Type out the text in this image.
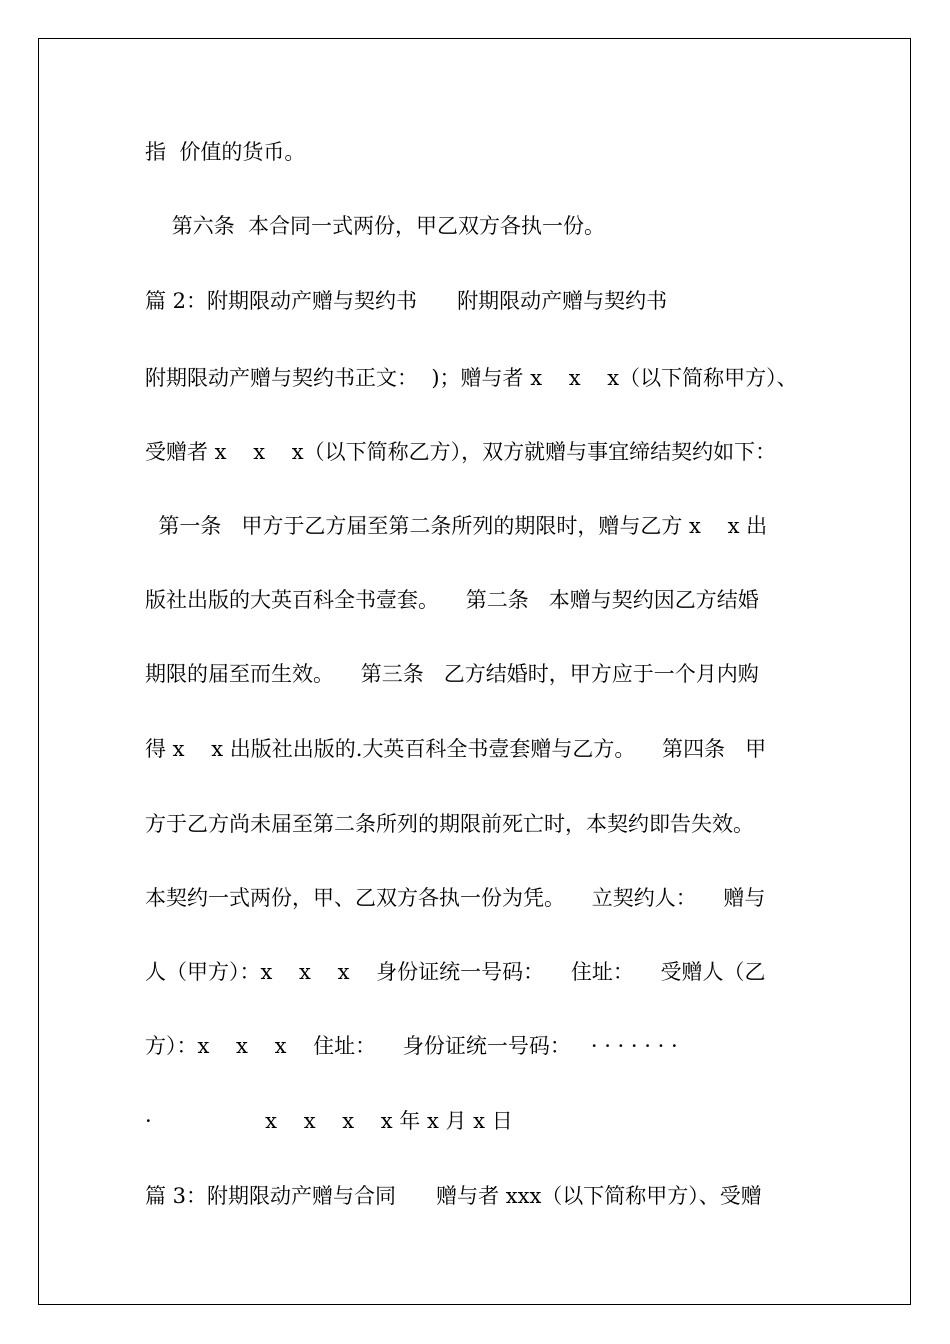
指  价值的货币。
第六条  本合同一式两份，甲乙双方各执一份。
篇 2：附期限动产赠与契约书      附期限动产赠与契约书
附期限动产赠与契约书正文：  )；赠与者 x    x    x（以下简称甲方）、
受赠者 x    x    x（以下简称乙方），双方就赠与事宜缔结契约如下：
第一条   甲方于乙方届至第二条所列的期限时，赠与乙方 x    x 出
版社出版的大英百科全书壹套。    第二条   本赠与契约因乙方结婚
期限的届至而生效。    第三条   乙方结婚时，甲方应于一个月内购
得 x    x 出版社出版的.大英百科全书壹套赠与乙方。    第四条   甲
方于乙方尚未届至第二条所列的期限前死亡时，本契约即告失效。
本契约一式两份，甲、乙双方各执一份为凭。    立契约人：    赠与
人（甲方）：x    x    x    身份证统一号码：    住址：    受赠人（乙
方）：x    x    x    住址：    身份证统一号码：   · · · · · · ·
·                 x    x    x    x 年 x 月 x 日
篇 3：附期限动产赠与合同      赠与者 xxx（以下简称甲方）、受赠
